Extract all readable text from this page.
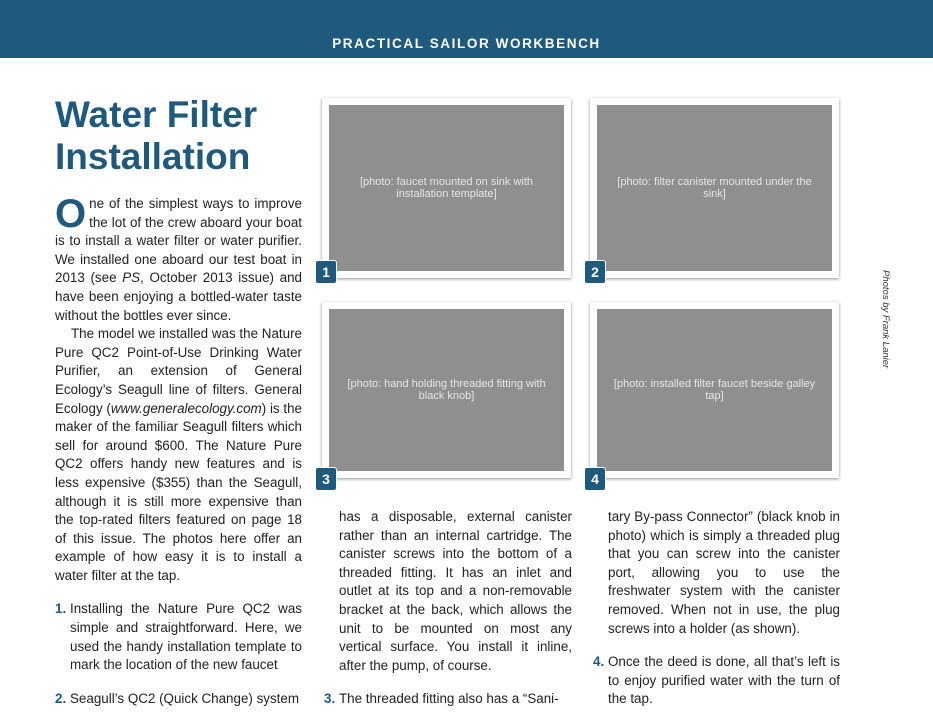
PRACTICAL SAILOR WORKBENCH
Water Filter
Installation

One of the simplest ways to improve the lot of the crew aboard your boat is to install a water filter or water purifier. We installed one aboard our test boat in 2013 (see PS, October 2013 issue) and have been enjoying a bottled-water taste without the bottles ever since.

The model we installed was the Nature Pure QC2 Point-of-Use Drinking Water Purifier, an extension of General Ecology’s Seagull line of filters. General Ecology (www.generalecology.com) is the maker of the familiar Seagull filters which sell for around $600. The Nature Pure QC2 offers handy new features and is less expensive ($355) than the Seagull, although it is still more expensive than the top-rated filters featured on page 18 of this issue. The photos here offer an example of how easy it is to install a water filter at the tap.

1. Installing the Nature Pure QC2 was simple and straightforward. Here, we used the handy installation template to mark the location of the new faucet
2. Seagull’s QC2 (Quick Change) system
has a disposable, external canister rather than an internal cartridge. The canister screws into the bottom of a threaded fitting. It has an inlet and outlet at its top and a non-removable bracket at the back, which allows the unit to be mounted on most any vertical surface. You install it inline, after the pump, of course.
3. The threaded fitting also has a “Sani-
tary By-pass Connector” (black knob in photo) which is simply a threaded plug that you can screw into the canister port, allowing you to use the freshwater system with the canister removed. When not in use, the plug screws into a holder (as shown).
4. Once the deed is done, all that’s left is to enjoy purified water with the turn of the tap.
[photo: faucet mounted on sink with installation template]
1
[photo: filter canister mounted under the sink]
2
[photo: hand holding threaded fitting with black knob]
3
[photo: installed filter faucet beside galley tap]
4
Photos by Frank Lanier
